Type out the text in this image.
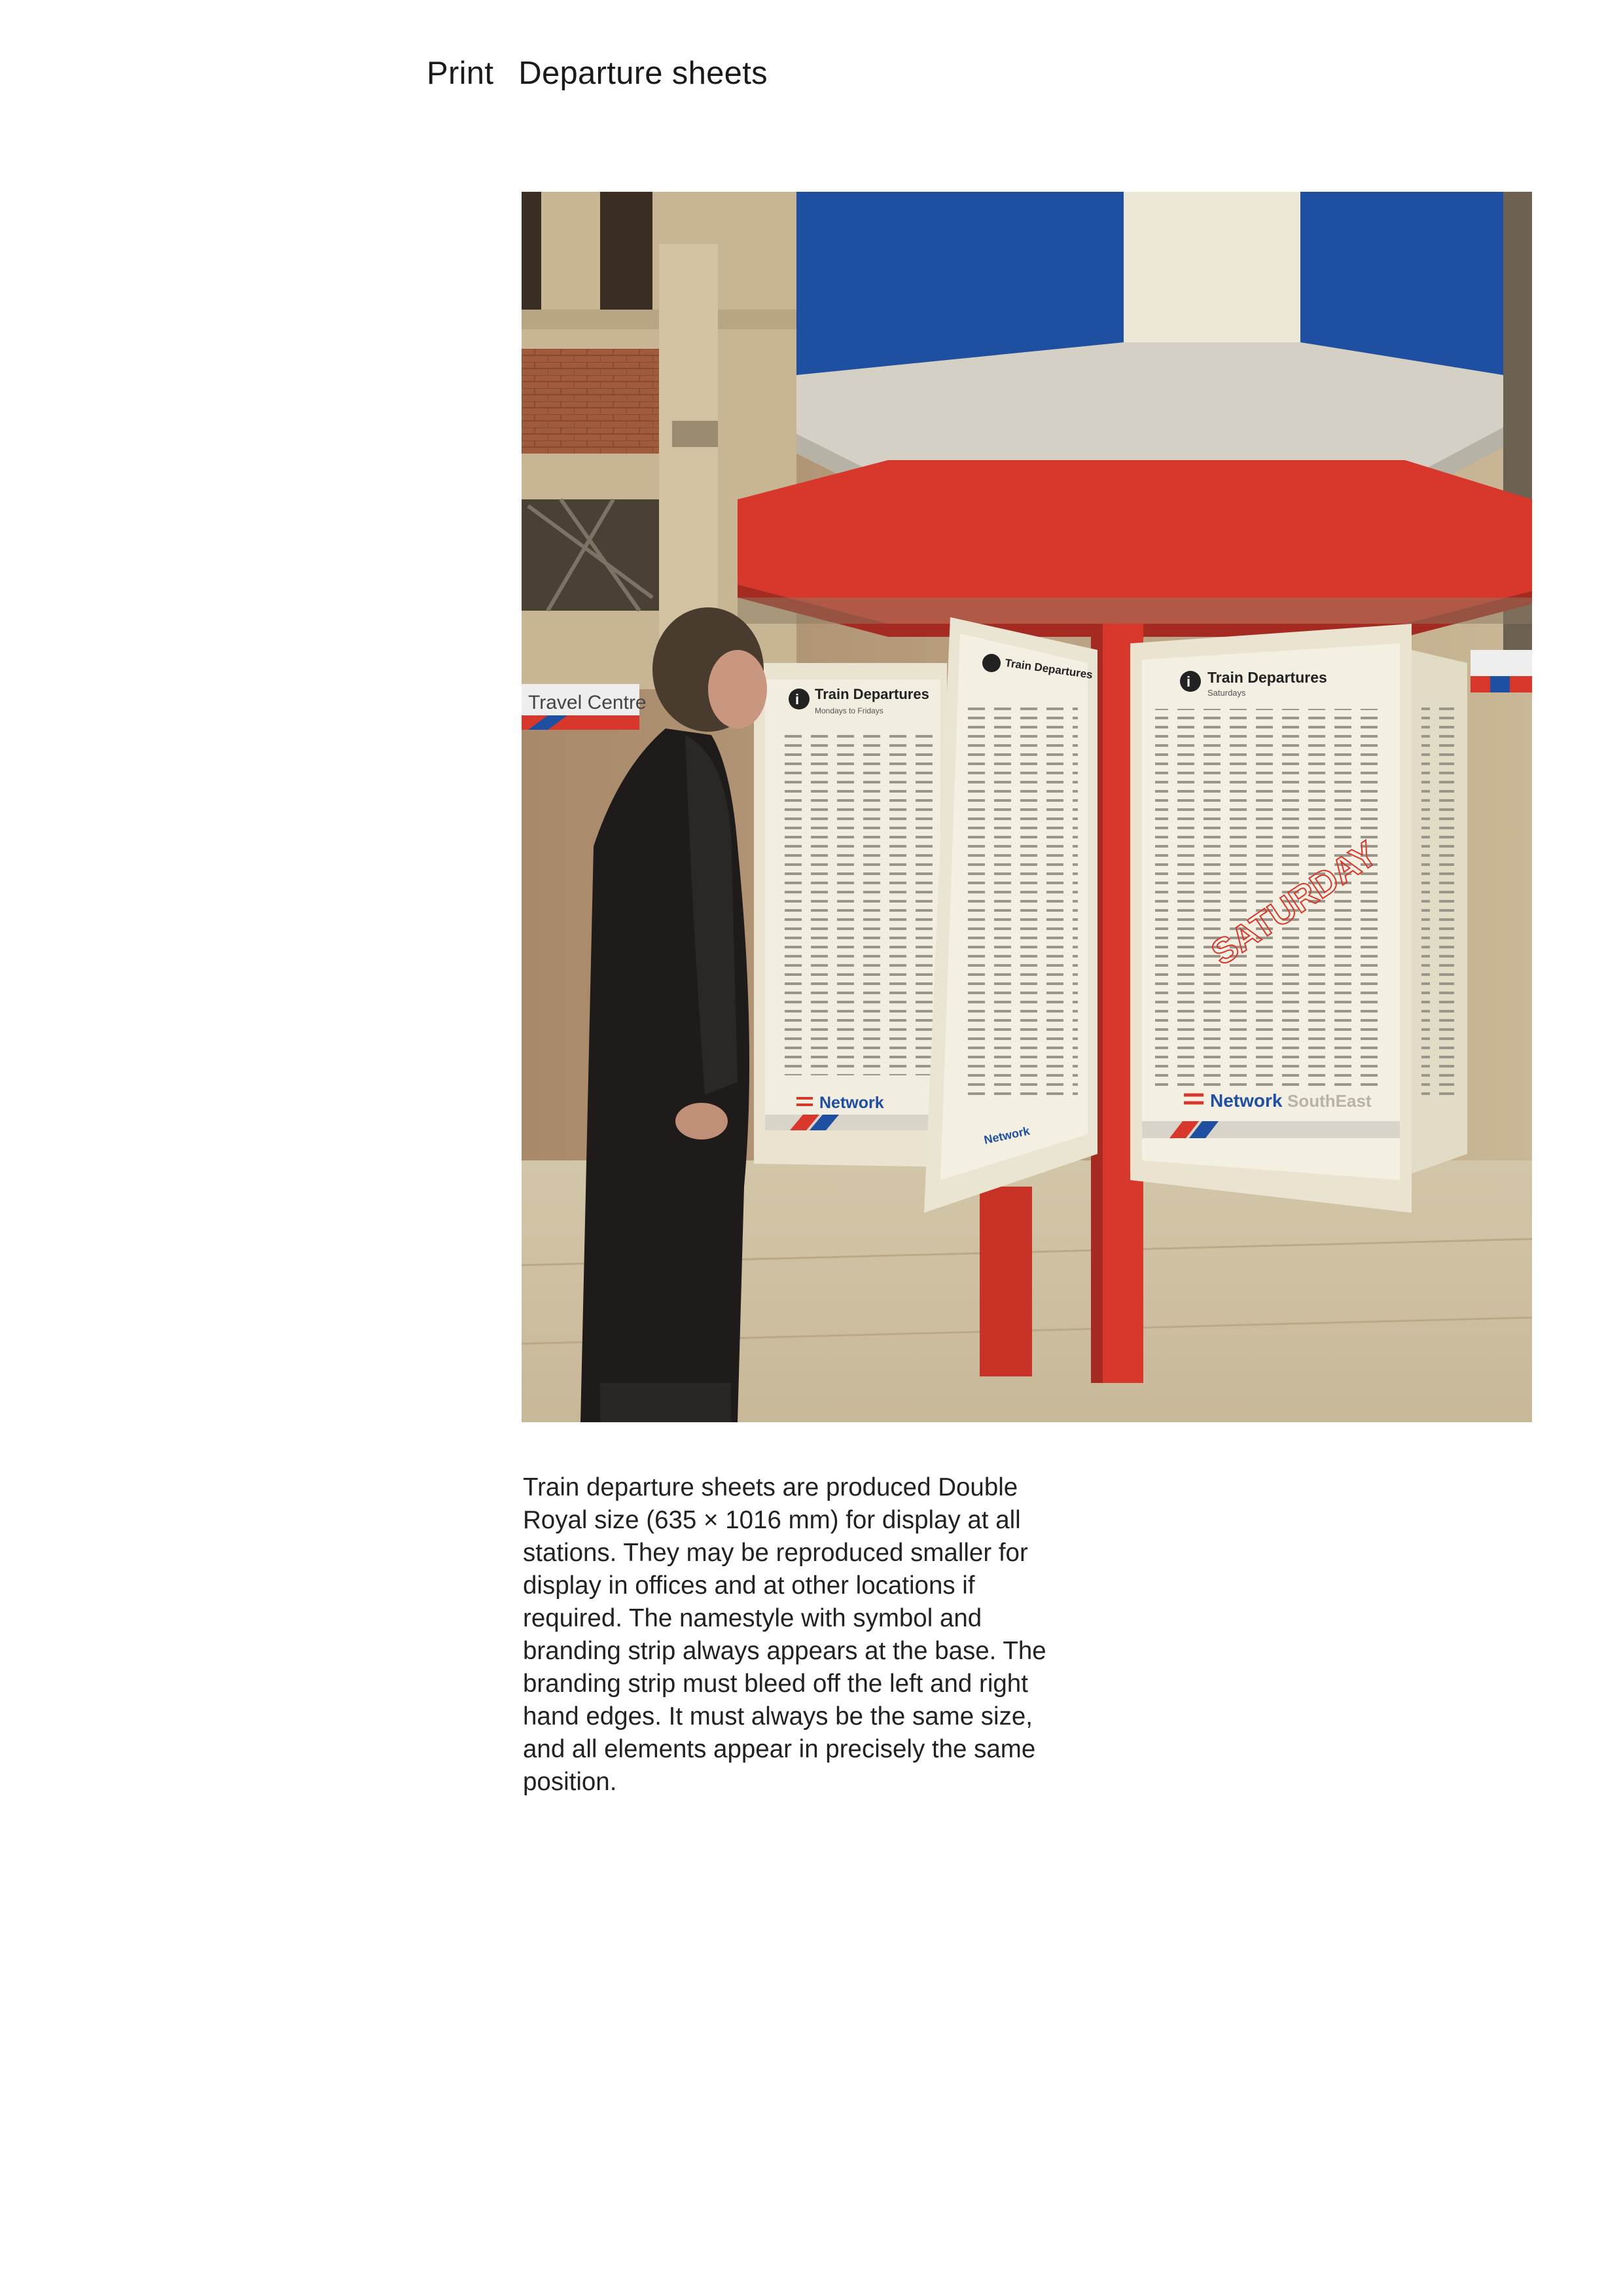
Print Departure sheets
Travel Centre	i Train Departures
Mondays to Fridays
Network
Train Departures
Network
i Train Departures
Saturdays
SATURDAY
Network SouthEast

Train departure sheets are produced Double Royal size (635 × 1016 mm) for display at all stations. They may be reproduced smaller for display in offices and at other locations if required. The namestyle with symbol and branding strip always appears at the base. The branding strip must bleed off the left and right hand edges. It must always be the same size, and all elements appear in precisely the same position.
